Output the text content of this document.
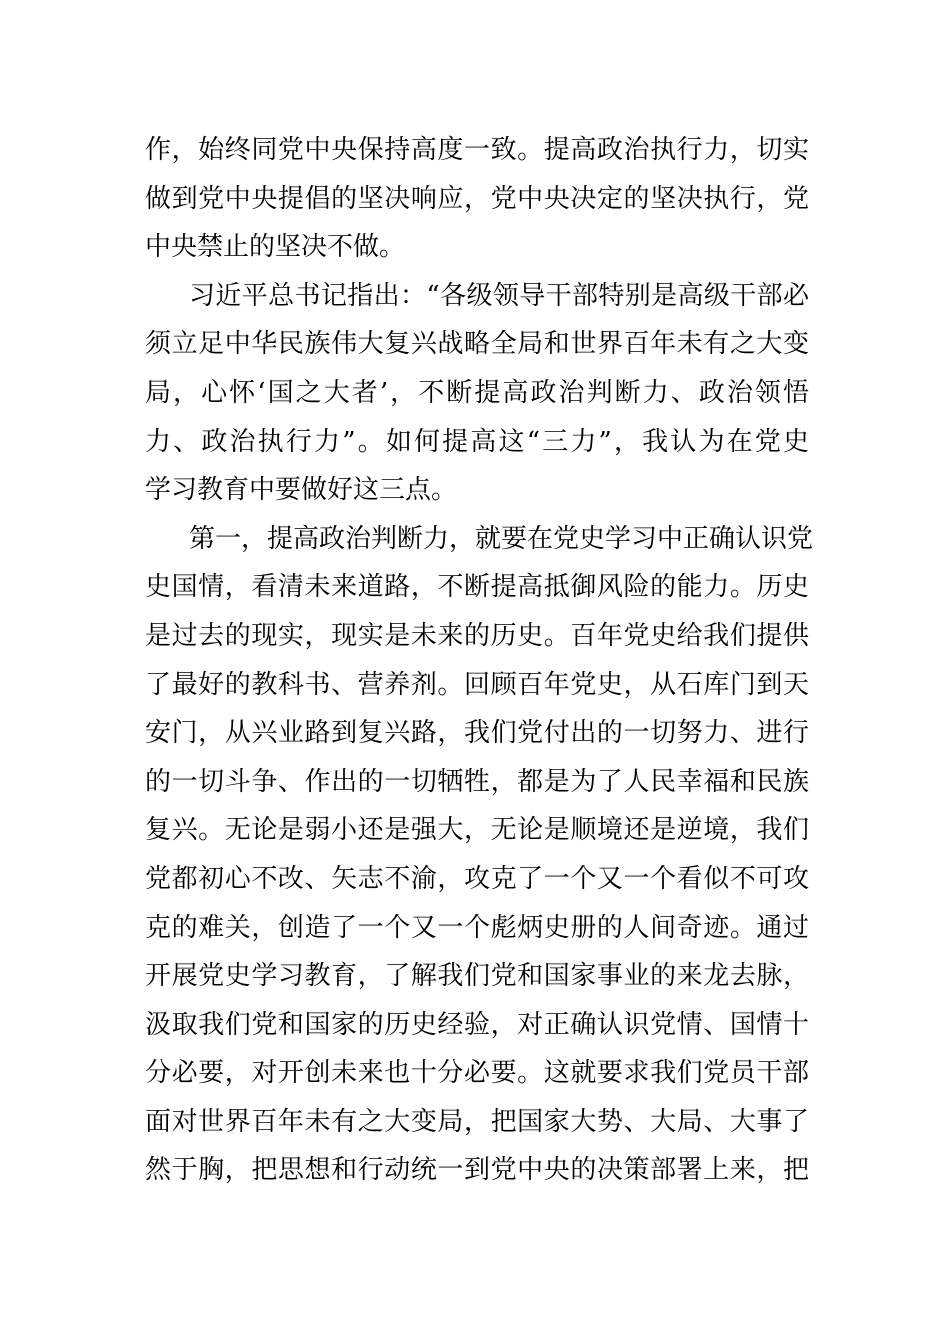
作，始终同党中央保持高度一致。提高政治执行力，切实
做到党中央提倡的坚决响应，党中央决定的坚决执行，党
中央禁止的坚决不做。
习近平总书记指出：“各级领导干部特别是高级干部必
须立足中华民族伟大复兴战略全局和世界百年未有之大变
局，心怀‘国之大者’，不断提高政治判断力、政治领悟
力、政治执行力”。如何提高这“三力”，我认为在党史
学习教育中要做好这三点。
第一，提高政治判断力，就要在党史学习中正确认识党
史国情，看清未来道路，不断提高抵御风险的能力。历史
是过去的现实，现实是未来的历史。百年党史给我们提供
了最好的教科书、营养剂。回顾百年党史，从石库门到天
安门，从兴业路到复兴路，我们党付出的一切努力、进行
的一切斗争、作出的一切牺牲，都是为了人民幸福和民族
复兴。无论是弱小还是强大，无论是顺境还是逆境，我们
党都初心不改、矢志不渝，攻克了一个又一个看似不可攻
克的难关，创造了一个又一个彪炳史册的人间奇迹。通过
开展党史学习教育，了解我们党和国家事业的来龙去脉，
汲取我们党和国家的历史经验，对正确认识党情、国情十
分必要，对开创未来也十分必要。这就要求我们党员干部
面对世界百年未有之大变局，把国家大势、大局、大事了
然于胸，把思想和行动统一到党中央的决策部署上来，把
